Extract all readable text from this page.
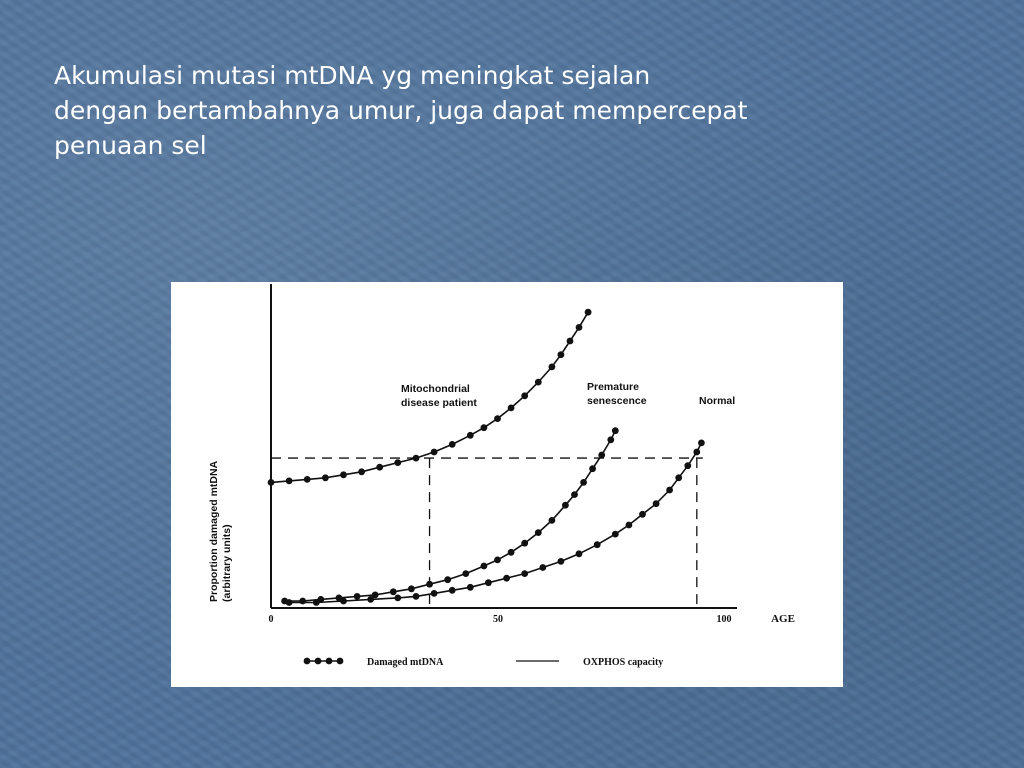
Akumulasi mutasi mtDNA yg meningkat sejalan
dengan bertambahnya umur, juga dapat mempercepat
penuaan sel
0	50	100	AGE
Proportion damaged mtDNA (arbitrary units)
Mitochondrial
disease patient
Premature
senescence	Normal
Damaged mtDNA	OXPHOS capacity
